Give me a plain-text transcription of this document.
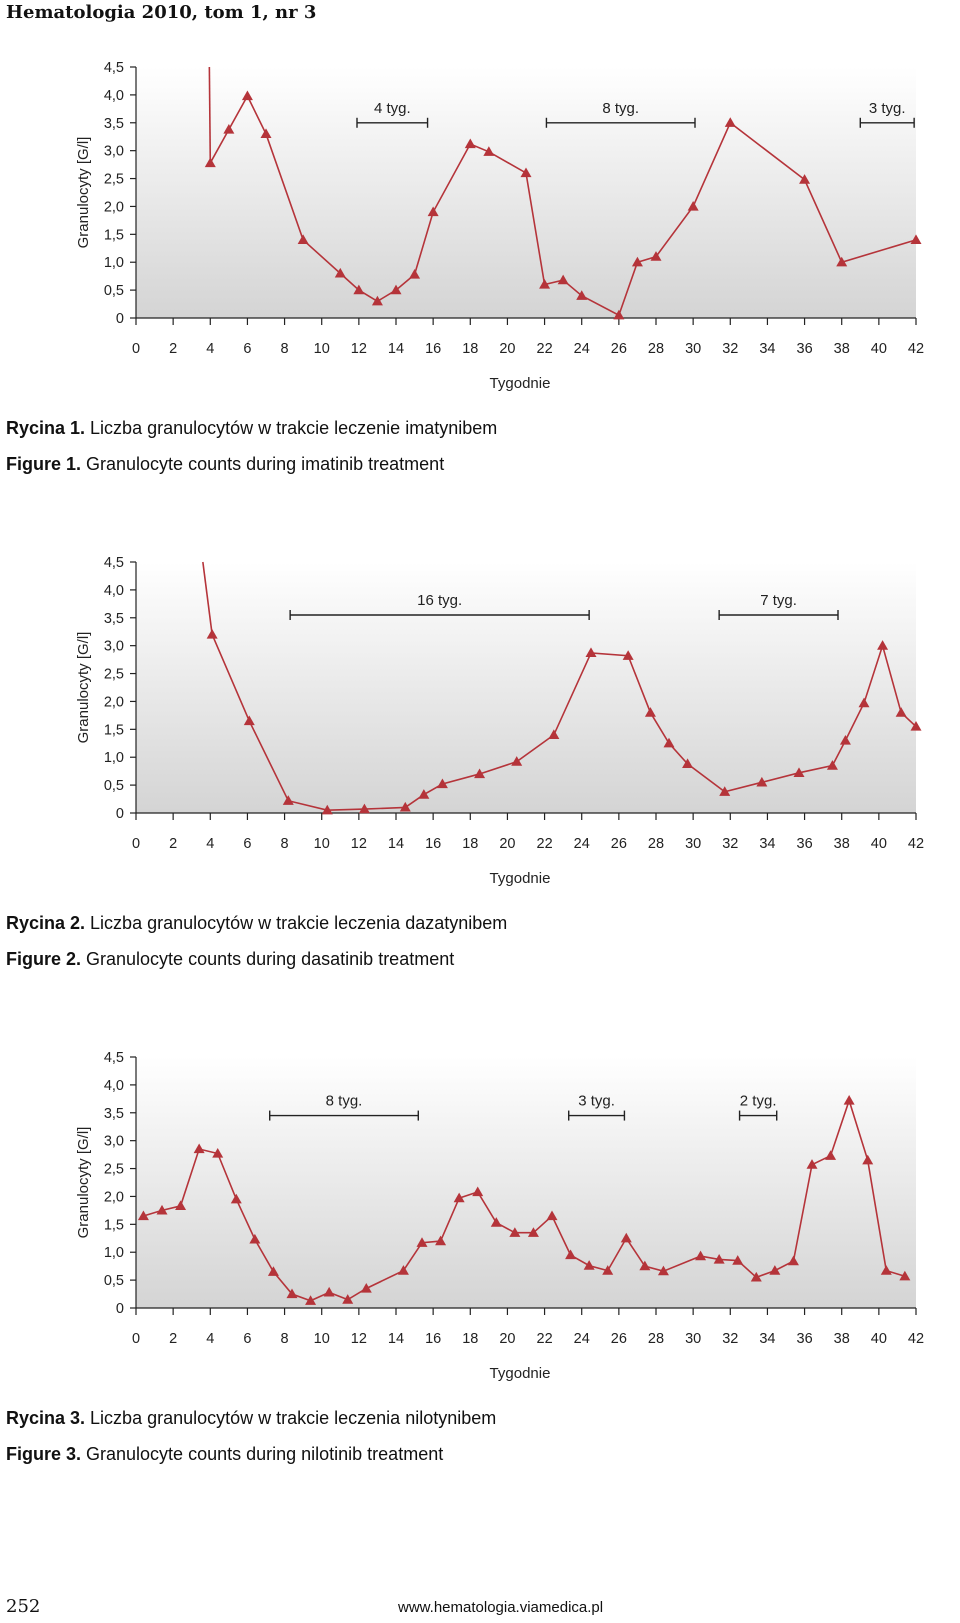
Hematologia 2010, tom 1, nr 3
0
0,5
1,0
1,5
2,0
2,5
3,0
3,5
4,0
4,5
0 2 4 6 8 10 12 14 16 18 20 22 24 26 28 30 32 34 36 38 40 42
Tygodnie
Granulocyty [G/l]
4 tyg.	8 tyg.	3 tyg.
Rycina 1. Liczba granulocytów w trakcie leczenie imatynibem
Figure 1. Granulocyte counts during imatinib treatment
0
0,5
1,0
1,5
2,0
2,5
3,0
3,5
4,0
4,5
0 2 4 6 8 10 12 14 16 18 20 22 24 26 28 30 32 34 36 38 40 42
Tygodnie
Granulocyty [G/l]
16 tyg.	7 tyg.
Rycina 2. Liczba granulocytów w trakcie leczenia dazatynibem
Figure 2. Granulocyte counts during dasatinib treatment
0
0,5
1,0
1,5
2,0
2,5
3,0
3,5
4,0
4,5
0 2 4 6 8 10 12 14 16 18 20 22 24 26 28 30 32 34 36 38 40 42
Tygodnie
Granulocyty [G/l]
8 tyg.	3 tyg.	2 tyg.
Rycina 3. Liczba granulocytów w trakcie leczenia nilotynibem
Figure 3. Granulocyte counts during nilotinib treatment
252	www.hematologia.viamedica.pl
